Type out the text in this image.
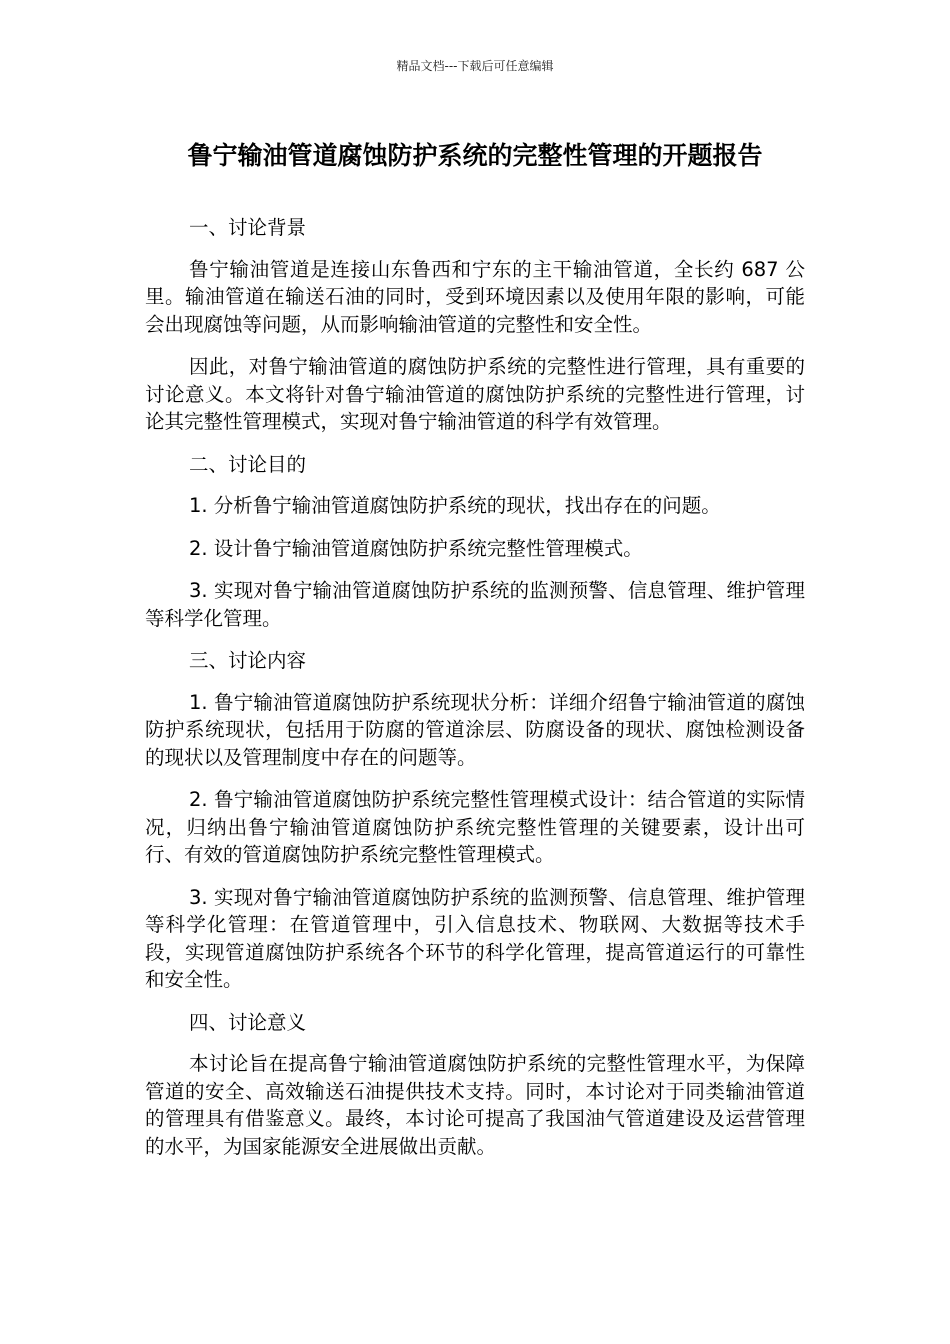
精品文档---下载后可任意编辑
鲁宁输油管道腐蚀防护系统的完整性管理的开题报告

一、讨论背景

鲁宁输油管道是连接山东鲁西和宁东的主干输油管道，全长约 687 公里。输油管道在输送石油的同时，受到环境因素以及使用年限的影响，可能会出现腐蚀等问题，从而影响输油管道的完整性和安全性。

因此，对鲁宁输油管道的腐蚀防护系统的完整性进行管理，具有重要的讨论意义。本文将针对鲁宁输油管道的腐蚀防护系统的完整性进行管理，讨论其完整性管理模式，实现对鲁宁输油管道的科学有效管理。

二、讨论目的

1. 分析鲁宁输油管道腐蚀防护系统的现状，找出存在的问题。

2. 设计鲁宁输油管道腐蚀防护系统完整性管理模式。

3. 实现对鲁宁输油管道腐蚀防护系统的监测预警、信息管理、维护管理等科学化管理。

三、讨论内容

1. 鲁宁输油管道腐蚀防护系统现状分析：详细介绍鲁宁输油管道的腐蚀防护系统现状，包括用于防腐的管道涂层、防腐设备的现状、腐蚀检测设备的现状以及管理制度中存在的问题等。

2. 鲁宁输油管道腐蚀防护系统完整性管理模式设计：结合管道的实际情况，归纳出鲁宁输油管道腐蚀防护系统完整性管理的关键要素，设计出可行、有效的管道腐蚀防护系统完整性管理模式。

3. 实现对鲁宁输油管道腐蚀防护系统的监测预警、信息管理、维护管理等科学化管理：在管道管理中，引入信息技术、物联网、大数据等技术手段，实现管道腐蚀防护系统各个环节的科学化管理，提高管道运行的可靠性和安全性。

四、讨论意义

本讨论旨在提高鲁宁输油管道腐蚀防护系统的完整性管理水平，为保障管道的安全、高效输送石油提供技术支持。同时，本讨论对于同类输油管道的管理具有借鉴意义。最终，本讨论可提高了我国油气管道建设及运营管理的水平，为国家能源安全进展做出贡献。
